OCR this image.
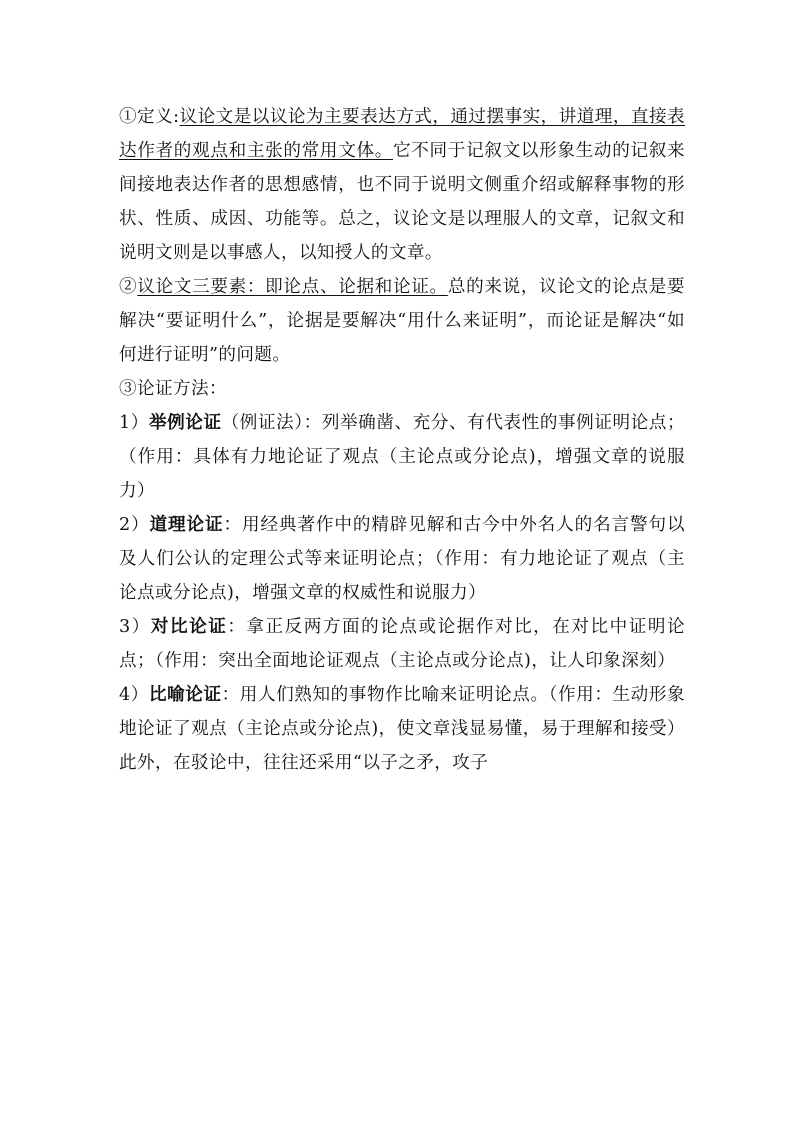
①定义:议论文是以议论为主要表达方式，通过摆事实，讲道理，直接表达作者的观点和主张的常用文体。它不同于记叙文以形象生动的记叙来间接地表达作者的思想感情，也不同于说明文侧重介绍或解释事物的形状、性质、成因、功能等。总之，议论文是以理服人的文章，记叙文和说明文则是以事感人，以知授人的文章。

②议论文三要素：即论点、论据和论证。总的来说，议论文的论点是要解决“要证明什么”，论据是要解决“用什么来证明”，而论证是解决“如何进行证明”的问题。

③论证方法：

1）举例论证（例证法）：列举确凿、充分、有代表性的事例证明论点；（作用：具体有力地论证了观点（主论点或分论点)，增强文章的说服力）

2）道理论证：用经典著作中的精辟见解和古今中外名人的名言警句以及人们公认的定理公式等来证明论点；（作用：有力地论证了观点（主论点或分论点)，增强文章的权威性和说服力）

3）对比论证：拿正反两方面的论点或论据作对比，在对比中证明论点；（作用：突出全面地论证观点（主论点或分论点)，让人印象深刻）

4）比喻论证：用人们熟知的事物作比喻来证明论点。（作用：生动形象地论证了观点（主论点或分论点)，使文章浅显易懂，易于理解和接受）此外，在驳论中，往往还采用“以子之矛，攻子
